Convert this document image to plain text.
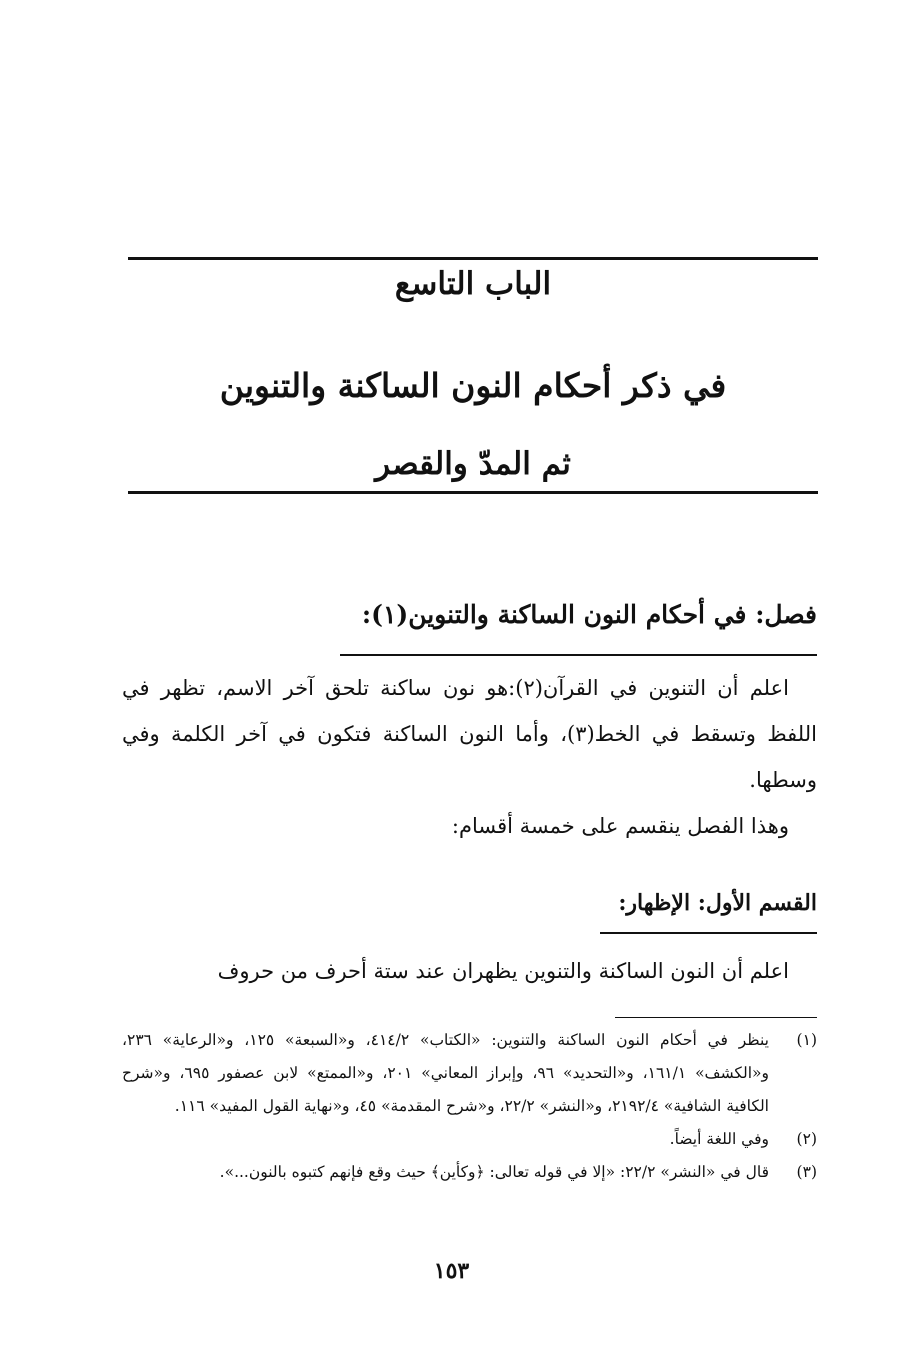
الباب التاسع
في ذكر أحكام النون الساكنة والتنوين
ثم المدّ والقصر
فصل: في أحكام النون الساكنة والتنوين(١):
اعلم أن التنوين في القرآن(٢):هو نون ساكنة تلحق آخر الاسم، تظهر في اللفظ وتسقط في الخط(٣)، وأما النون الساكنة فتكون في آخر الكلمة وفي وسطها.
وهذا الفصل ينقسم على خمسة أقسام:
القسم الأول: الإظهار:
اعلم أن النون الساكنة والتنوين يظهران عند ستة أحرف من حروف
(١)
ينظر في أحكام النون الساكنة والتنوين: «الكتاب» ٤١٤/٢، و«السبعة» ١٢٥، و«الرعاية» ٢٣٦، و«الكشف» ١٦١/١، و«التحديد» ٩٦، وإبراز المعاني» ٢٠١، و«الممتع» لابن عصفور ٦٩٥، و«شرح الكافية الشافية» ٢١٩٢/٤، و«النشر» ٢٢/٢، و«شرح المقدمة» ٤٥، و«نهاية القول المفيد» ١١٦.
(٢)
وفي اللغة أيضاً.
(٣)
قال في «النشر» ٢٢/٢: «إلا في قوله تعالى: ﴿وكأين﴾ حيث وقع فإنهم كتبوه بالنون...».
١٥٣
